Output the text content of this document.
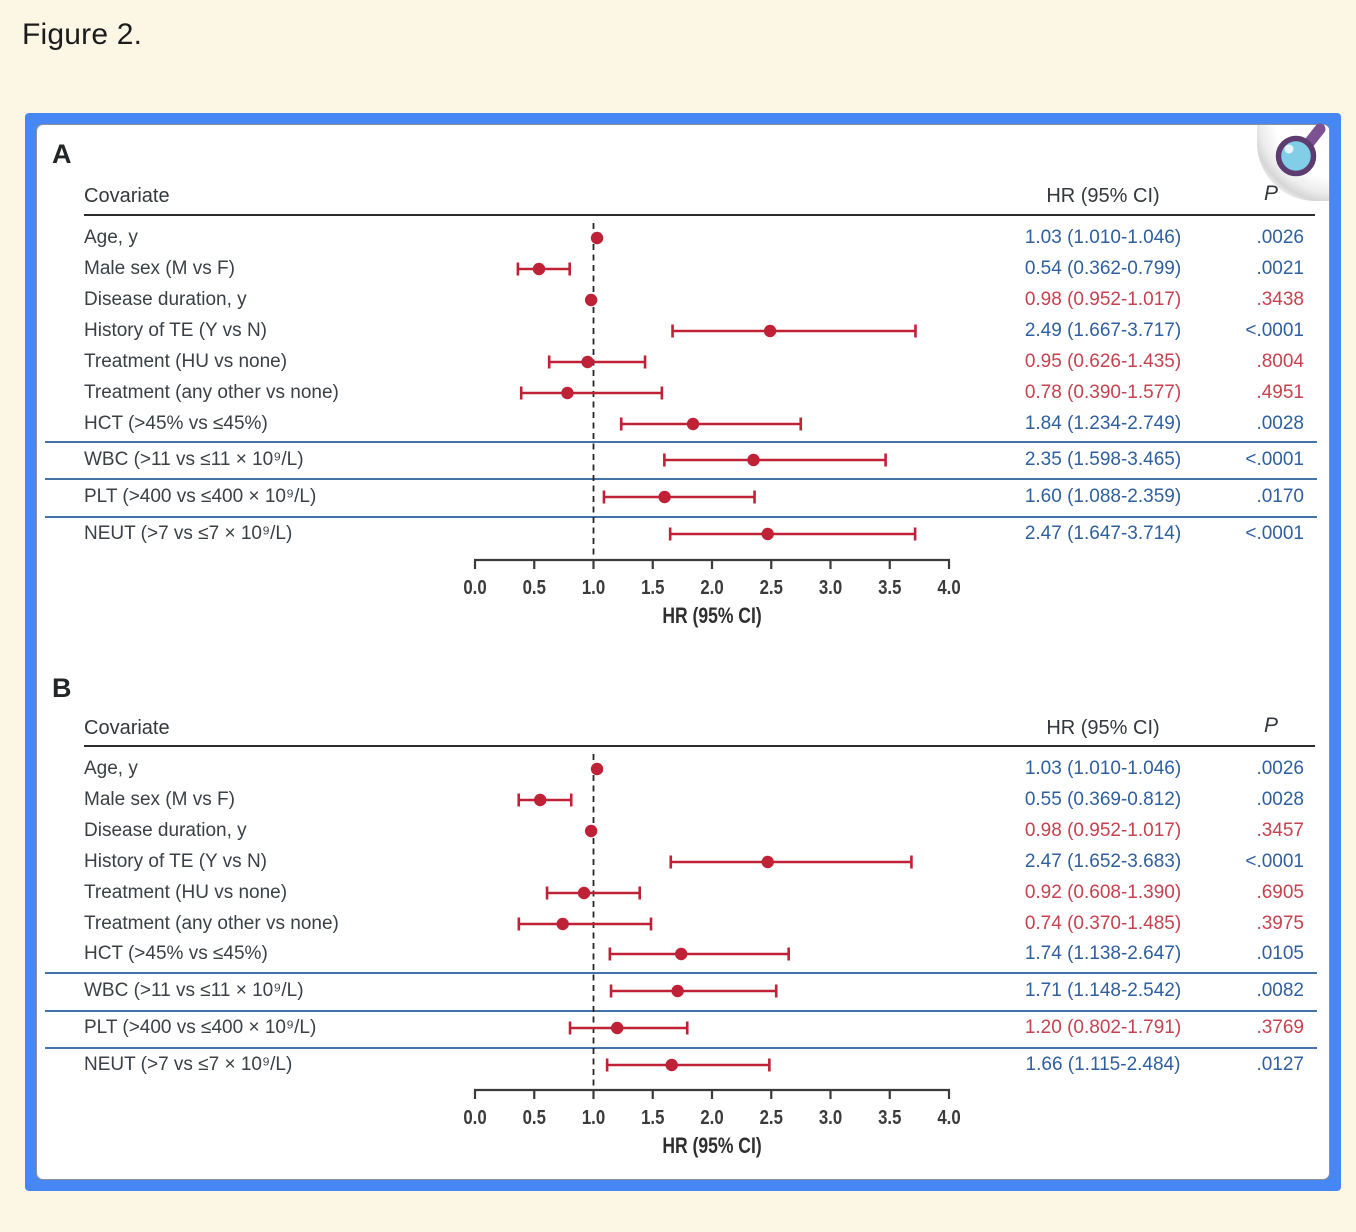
Figure 2.
.0127
1.66 (1.115-2.484)
NEUT (>7 vs ≤7 × 10⁹/L)
.3769
1.20 (0.802-1.791)
PLT (>400 vs ≤400 × 10⁹/L)
.0082
1.71 (1.148-2.542)
WBC (>11 vs ≤11 × 10⁹/L)
.0105
1.74 (1.138-2.647)
HCT (>45% vs ≤45%)
.3975
0.74 (0.370-1.485)
Treatment (any other vs none)
.6905
0.92 (0.608-1.390)
Treatment (HU vs none)
<.0001
2.47 (1.652-3.683)
History of TE (Y vs N)
.3457
0.98 (0.952-1.017)
Disease duration, y
.0028
0.55 (0.369-0.812)
Male sex (M vs F)
.0026
1.03 (1.010-1.046)
Age, y
P
HR (95% CI)
Covariate
B
<.0001
2.47 (1.647-3.714)
NEUT (>7 vs ≤7 × 10⁹/L)
.0170
1.60 (1.088-2.359)
PLT (>400 vs ≤400 × 10⁹/L)
<.0001
2.35 (1.598-3.465)
WBC (>11 vs ≤11 × 10⁹/L)
.0028
1.84 (1.234-2.749)
HCT (>45% vs ≤45%)
.4951
0.78 (0.390-1.577)
Treatment (any other vs none)
.8004
0.95 (0.626-1.435)
Treatment (HU vs none)
<.0001
2.49 (1.667-3.717)
History of TE (Y vs N)
.3438
0.98 (0.952-1.017)
Disease duration, y
.0021
0.54 (0.362-0.799)
Male sex (M vs F)
.0026
1.03 (1.010-1.046)
Age, y
P
HR (95% CI)
Covariate
A
0.0 0.5 1.0 1.5 2.0 2.5 3.0 3.5 4.0
HR (95% CI)
0.0 0.5 1.0 1.5 2.0 2.5 3.0 3.5 4.0
HR (95% CI)
